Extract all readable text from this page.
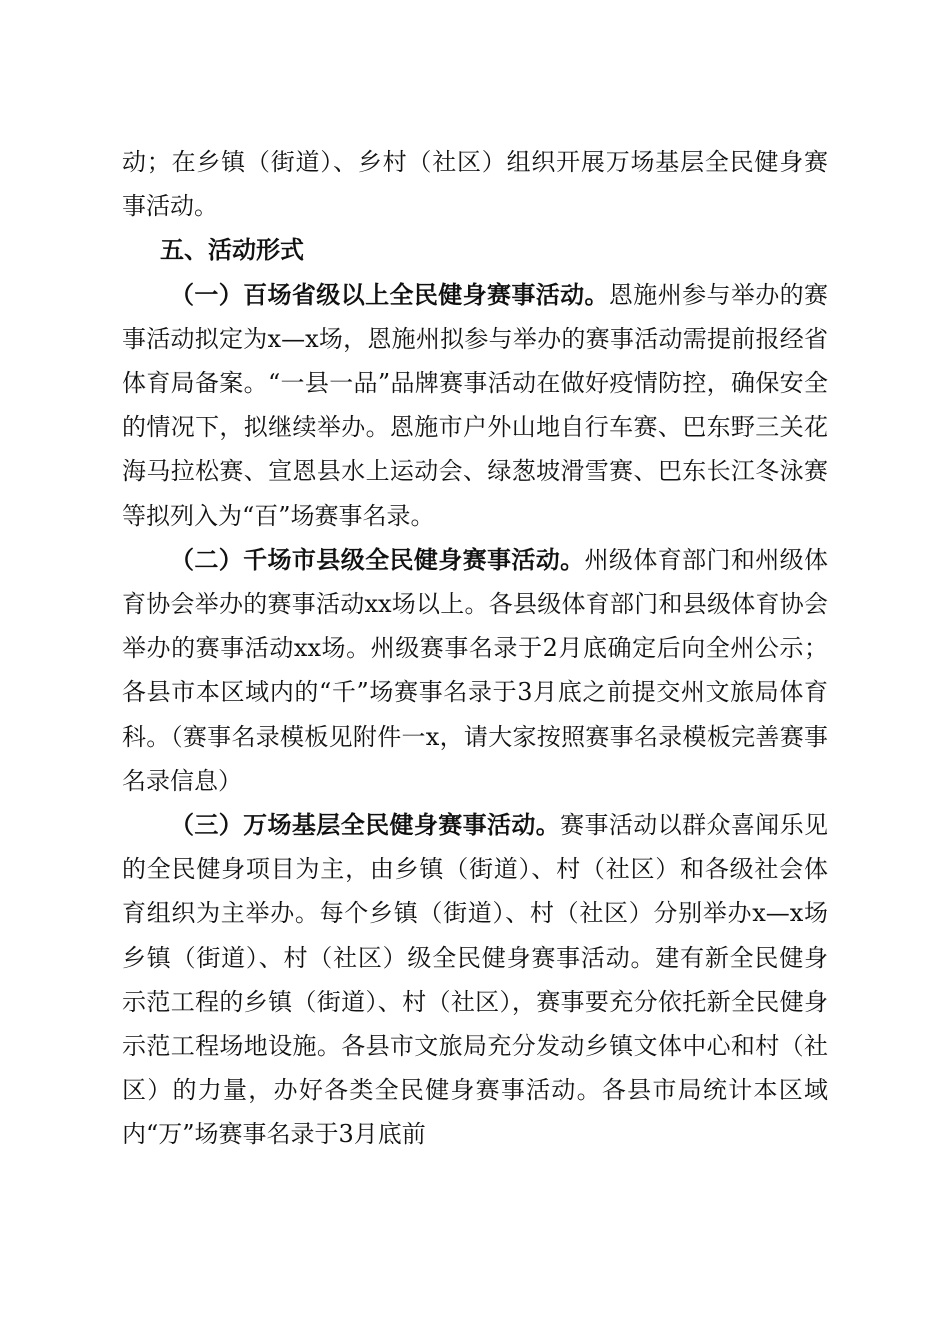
动；在乡镇（街道）、乡村（社区）组织开展万场基层全民健身赛事活动。

五、活动形式

（一）百场省级以上全民健身赛事活动。恩施州参与举办的赛事活动拟定为x—x场，恩施州拟参与举办的赛事活动需提前报经省体育局备案。“一县一品”品牌赛事活动在做好疫情防控，确保安全的情况下，拟继续举办。恩施市户外山地自行车赛、巴东野三关花海马拉松赛、宣恩县水上运动会、绿葱坡滑雪赛、巴东长江冬泳赛等拟列入为“百”场赛事名录。

（二）千场市县级全民健身赛事活动。州级体育部门和州级体育协会举办的赛事活动xx场以上。各县级体育部门和县级体育协会举办的赛事活动xx场。州级赛事名录于2月底确定后向全州公示；各县市本区域内的“千”场赛事名录于3月底之前提交州文旅局体育科。（赛事名录模板见附件一x，请大家按照赛事名录模板完善赛事名录信息）

（三）万场基层全民健身赛事活动。赛事活动以群众喜闻乐见的全民健身项目为主，由乡镇（街道）、村（社区）和各级社会体育组织为主举办。每个乡镇（街道）、村（社区）分别举办x—x场乡镇（街道）、村（社区）级全民健身赛事活动。建有新全民健身示范工程的乡镇（街道）、村（社区），赛事要充分依托新全民健身示范工程场地设施。各县市文旅局充分发动乡镇文体中心和村（社区）的力量，办好各类全民健身赛事活动。各县市局统计本区域内“万”场赛事名录于3月底前
